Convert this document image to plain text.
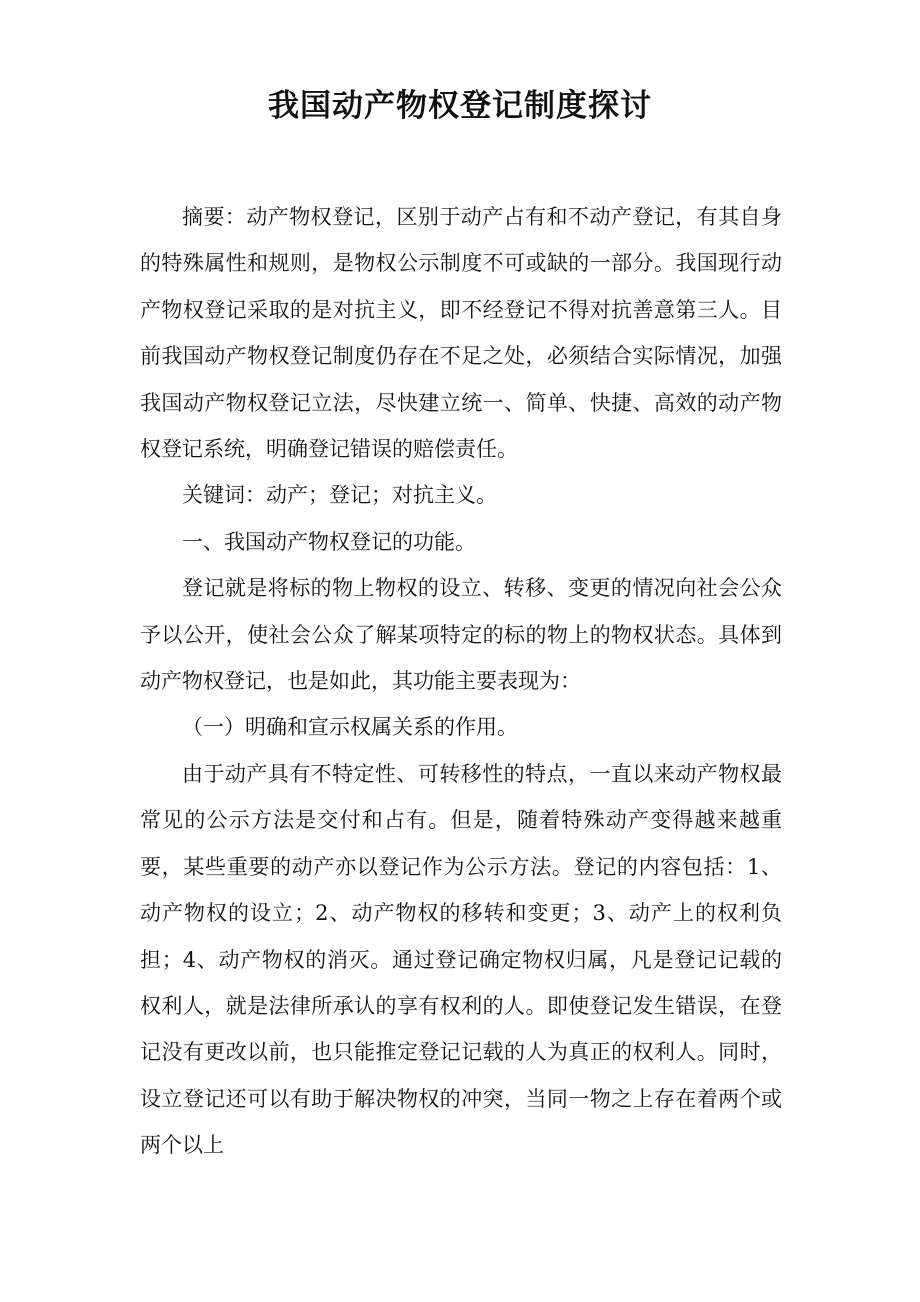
我国动产物权登记制度探讨

摘要：动产物权登记，区别于动产占有和不动产登记，有其自身的特殊属性和规则，是物权公示制度不可或缺的一部分。我国现行动产物权登记采取的是对抗主义，即不经登记不得对抗善意第三人。目前我国动产物权登记制度仍存在不足之处，必须结合实际情况，加强我国动产物权登记立法，尽快建立统一、简单、快捷、高效的动产物权登记系统，明确登记错误的赔偿责任。

关键词：动产；登记；对抗主义。

一、我国动产物权登记的功能。

登记就是将标的物上物权的设立、转移、变更的情况向社会公众予以公开，使社会公众了解某项特定的标的物上的物权状态。具体到动产物权登记，也是如此，其功能主要表现为：

（一）明确和宣示权属关系的作用。

由于动产具有不特定性、可转移性的特点，一直以来动产物权最常见的公示方法是交付和占有。但是，随着特殊动产变得越来越重要，某些重要的动产亦以登记作为公示方法。登记的内容包括：1、动产物权的设立；2、动产物权的移转和变更；3、动产上的权利负担；4、动产物权的消灭。通过登记确定物权归属，凡是登记记载的权利人，就是法律所承认的享有权利的人。即使登记发生错误，在登记没有更改以前，也只能推定登记记载的人为真正的权利人。同时，设立登记还可以有助于解决物权的冲突，当同一物之上存在着两个或两个以上
